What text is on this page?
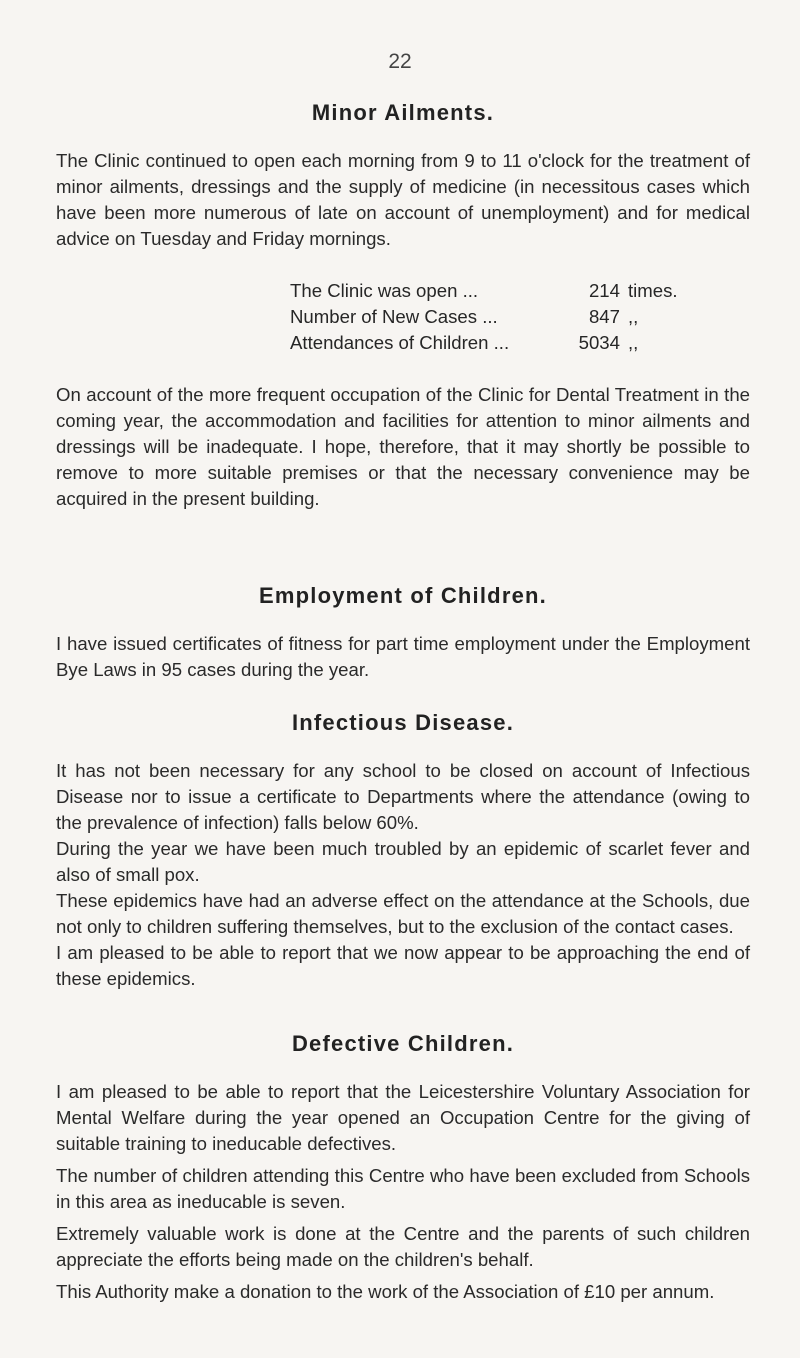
22
Minor Ailments.

The Clinic continued to open each morning from 9 to 11 o'clock for the treatment of minor ailments, dressings and the supply of medicine (in necessitous cases which have been more numerous of late on account of unemployment) and for medical advice on Tuesday and Friday mornings.

The Clinic was open ...	214 times.
Number of New Cases ...	847 ,,
Attendances of Children ...	5034 ,,

On account of the more frequent occupation of the Clinic for Dental Treatment in the coming year, the accommodation and facilities for attention to minor ailments and dressings will be inadequate. I hope, therefore, that it may shortly be possible to remove to more suitable premises or that the necessary convenience may be acquired in the present building.

Employment of Children.

I have issued certificates of fitness for part time employment under the Employment Bye Laws in 95 cases during the year.

Infectious Disease.

It has not been necessary for any school to be closed on account of Infectious Disease nor to issue a certificate to Departments where the attendance (owing to the prevalence of infection) falls below 60%.

During the year we have been much troubled by an epidemic of scarlet fever and also of small pox.

These epidemics have had an adverse effect on the attendance at the Schools, due not only to children suffering themselves, but to the exclusion of the contact cases.

I am pleased to be able to report that we now appear to be approaching the end of these epidemics.

Defective Children.

I am pleased to be able to report that the Leicestershire Voluntary Association for Mental Welfare during the year opened an Occupation Centre for the giving of suitable training to ineducable defectives.

The number of children attending this Centre who have been excluded from Schools in this area as ineducable is seven.

Extremely valuable work is done at the Centre and the parents of such children appreciate the efforts being made on the children's behalf.

This Authority make a donation to the work of the Association of £10 per annum.
